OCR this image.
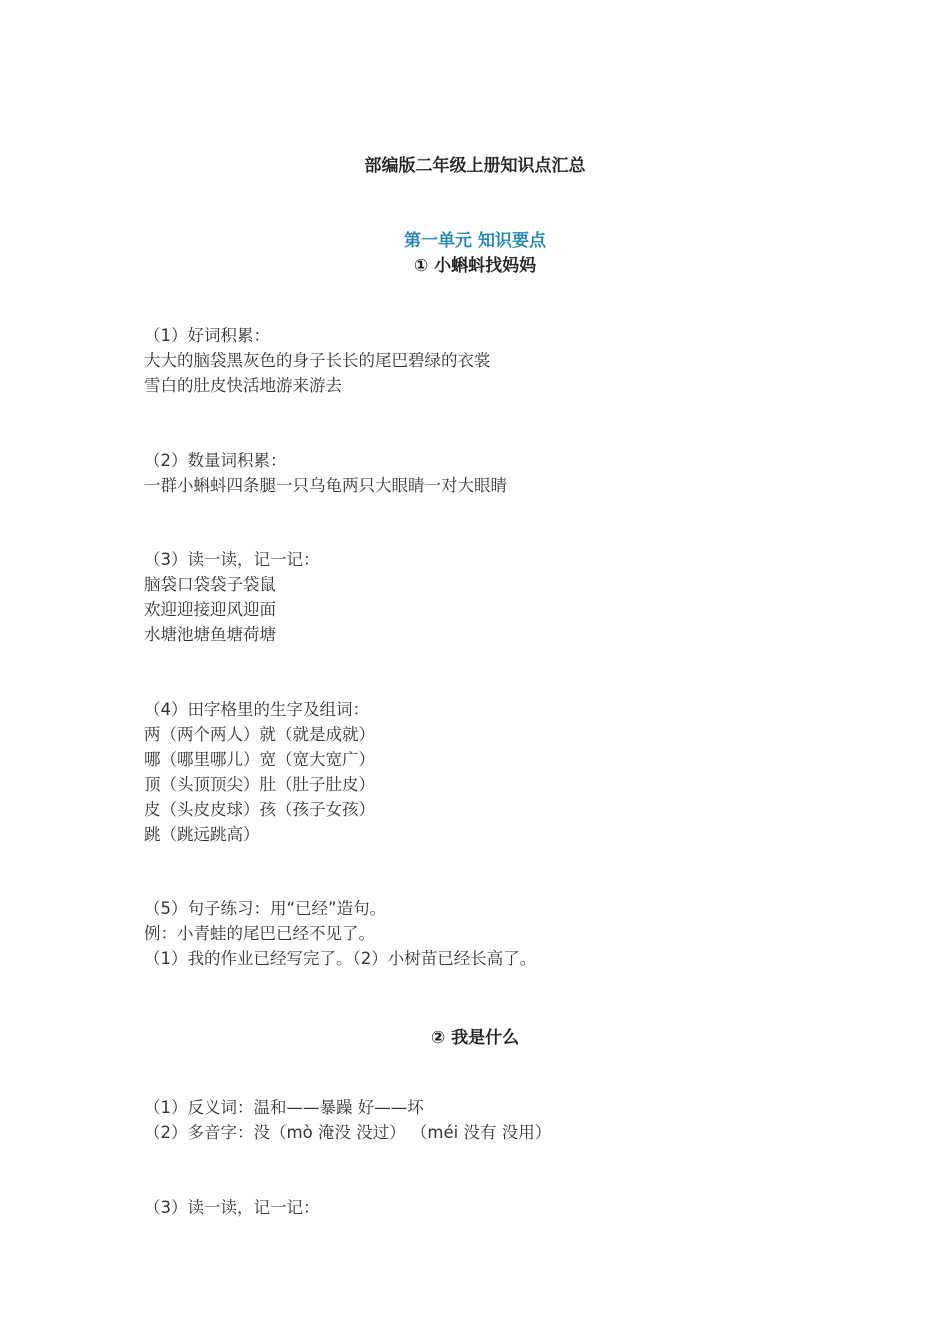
部编版二年级上册知识点汇总
第一单元 知识要点
① 小蝌蚪找妈妈
（1）好词积累：
大大的脑袋黑灰色的身子长长的尾巴碧绿的衣裳
雪白的肚皮快活地游来游去
（2）数量词积累：
一群小蝌蚪四条腿一只乌龟两只大眼睛一对大眼睛
（3）读一读，记一记：
脑袋口袋袋子袋鼠
欢迎迎接迎风迎面
水塘池塘鱼塘荷塘
（4）田字格里的生字及组词：
两（两个两人）就（就是成就）
哪（哪里哪儿）宽（宽大宽广）
顶（头顶顶尖）肚（肚子肚皮）
皮（头皮皮球）孩（孩子女孩）
跳（跳远跳高）
（5）句子练习：用“已经”造句。
例：小青蛙的尾巴已经不见了。
（1）我的作业已经写完了。（2）小树苗已经长高了。
② 我是什么
（1）反义词：温和——暴躁 好——坏
（2）多音字：没（mò 淹没 没过） （méi 没有 没用）
（3）读一读，记一记：
